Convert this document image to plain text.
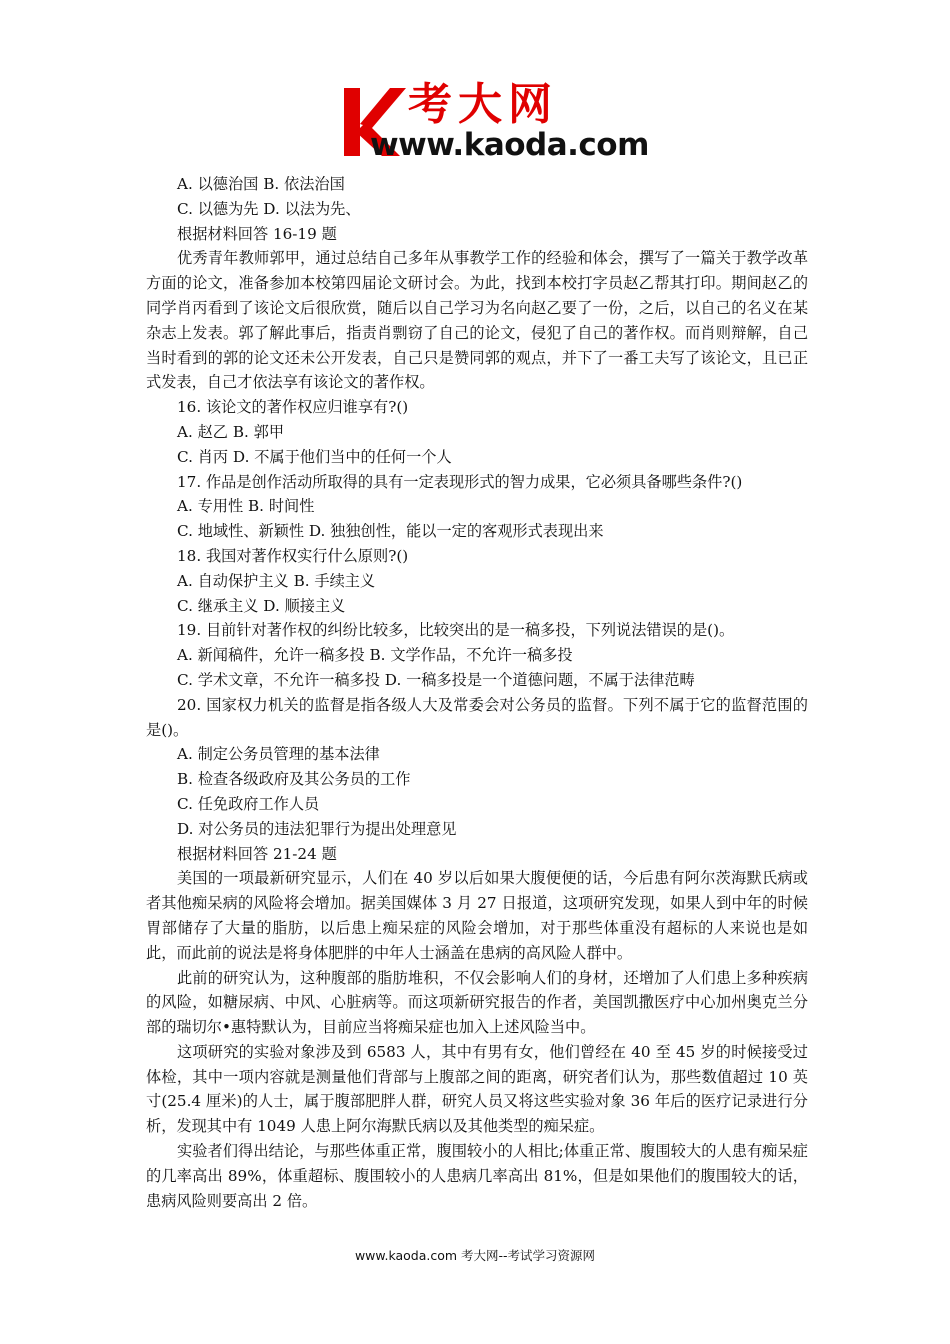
考大网
www.kaoda.com
A. 以德治国 B. 依法治国
C. 以德为先 D. 以法为先、
根据材料回答 16-19 题
优秀青年教师郭甲，通过总结自己多年从事教学工作的经验和体会，撰写了一篇关于教学改革方面的论文，准备参加本校第四届论文研讨会。为此，找到本校打字员赵乙帮其打印。期间赵乙的同学肖丙看到了该论文后很欣赏，随后以自己学习为名向赵乙要了一份，之后，以自己的名义在某杂志上发表。郭了解此事后，指责肖剽窃了自己的论文，侵犯了自己的著作权。而肖则辩解，自己当时看到的郭的论文还未公开发表，自己只是赞同郭的观点，并下了一番工夫写了该论文，且已正式发表，自己才依法享有该论文的著作权。
16. 该论文的著作权应归谁享有?()
A. 赵乙 B. 郭甲
C. 肖丙 D. 不属于他们当中的任何一个人
17. 作品是创作活动所取得的具有一定表现形式的智力成果，它必须具备哪些条件?()
A. 专用性 B. 时间性
C. 地域性、新颖性 D. 独独创性，能以一定的客观形式表现出来
18. 我国对著作权实行什么原则?()
A. 自动保护主义 B. 手续主义
C. 继承主义 D. 顺接主义
19. 目前针对著作权的纠纷比较多，比较突出的是一稿多投，下列说法错误的是()。
A. 新闻稿件，允许一稿多投 B. 文学作品，不允许一稿多投
C. 学术文章，不允许一稿多投 D. 一稿多投是一个道德问题，不属于法律范畴
20. 国家权力机关的监督是指各级人大及常委会对公务员的监督。下列不属于它的监督范围的是()。
A. 制定公务员管理的基本法律
B. 检查各级政府及其公务员的工作
C. 任免政府工作人员
D. 对公务员的违法犯罪行为提出处理意见
根据材料回答 21-24 题
美国的一项最新研究显示，人们在 40 岁以后如果大腹便便的话，今后患有阿尔茨海默氏病或者其他痴呆病的风险将会增加。据美国媒体 3 月 27 日报道，这项研究发现，如果人到中年的时候胃部储存了大量的脂肪，以后患上痴呆症的风险会增加，对于那些体重没有超标的人来说也是如此，而此前的说法是将身体肥胖的中年人士涵盖在患病的高风险人群中。
此前的研究认为，这种腹部的脂肪堆积，不仅会影响人们的身材，还增加了人们患上多种疾病的风险，如糖尿病、中风、心脏病等。而这项新研究报告的作者，美国凯撒医疗中心加州奥克兰分部的瑞切尔•惠特默认为，目前应当将痴呆症也加入上述风险当中。
这项研究的实验对象涉及到 6583 人，其中有男有女，他们曾经在 40 至 45 岁的时候接受过体检，其中一项内容就是测量他们背部与上腹部之间的距离，研究者们认为，那些数值超过 10 英寸(25.4 厘米)的人士，属于腹部肥胖人群，研究人员又将这些实验对象 36 年后的医疗记录进行分析，发现其中有 1049 人患上阿尔海默氏病以及其他类型的痴呆症。
实验者们得出结论，与那些体重正常，腹围较小的人相比;体重正常、腹围较大的人患有痴呆症的几率高出 89%，体重超标、腹围较小的人患病几率高出 81%，但是如果他们的腹围较大的话，患病风险则要高出 2 倍。
www.kaoda.com 考大网--考试学习资源网
